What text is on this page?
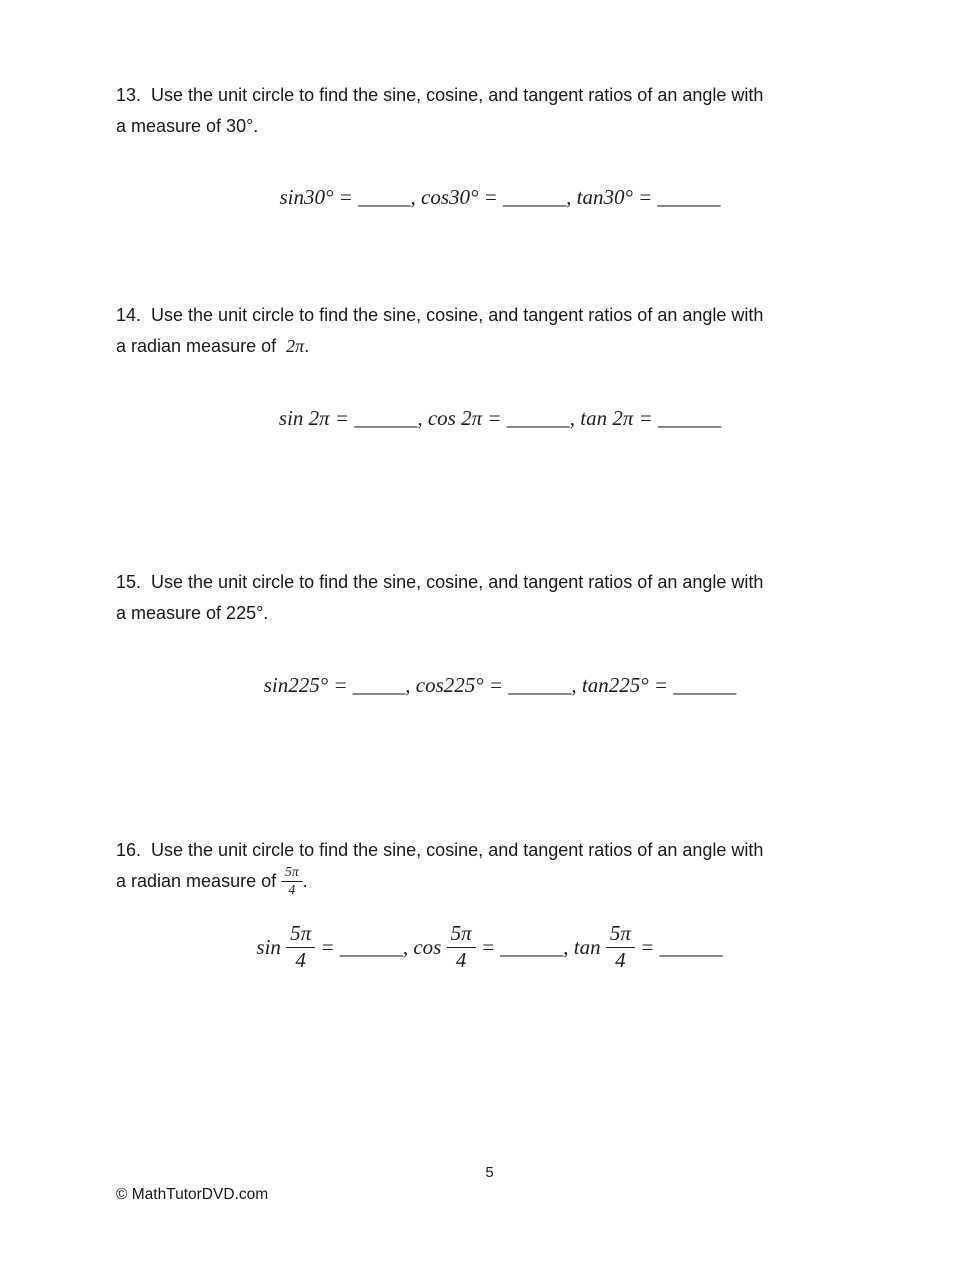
13.  Use the unit circle to find the sine, cosine, and tangent ratios of an angle with
a measure of 30°.

sin30° = _____, cos30° = ______, tan30° = ______

14.  Use the unit circle to find the sine, cosine, and tangent ratios of an angle with
a radian measure of  2π.

sin 2π = ______, cos 2π = ______, tan 2π = ______

15.  Use the unit circle to find the sine, cosine, and tangent ratios of an angle with
a measure of 225°.

sin225° = _____, cos225° = ______, tan225° = ______

16.  Use the unit circle to find the sine, cosine, and tangent ratios of an angle with
a radian measure of $\frac{5\pi}{4}$ .
$\sin \frac{5\pi}{4}$ = ______, $\cos \frac{5\pi}{4}$ = ______, $\tan \frac{5\pi}{4}$ = ______
5
© MathTutorDVD.com
